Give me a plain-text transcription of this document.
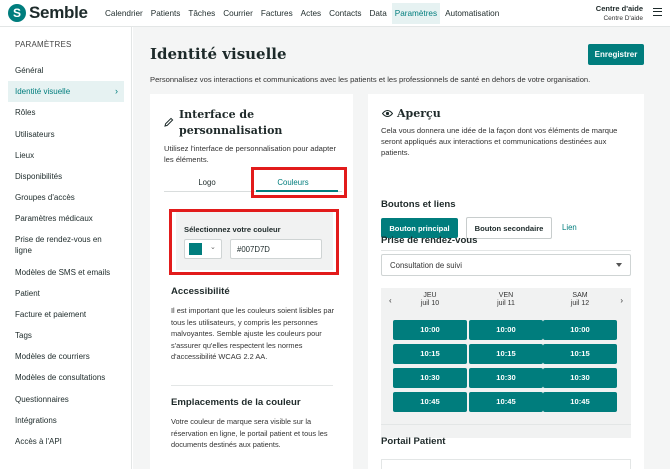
S Semble	Calendrier Patients Tâches Courrier Factures Actes Contacts Data Paramètres Automatisation
Centre d'aide
Centre D'aide
PARAMÈTRES
Général
Identité visuelle	›
Rôles
Utilisateurs
Lieux
Disponibilités
Groupes d'accès
Paramètres médicaux
Prise de rendez-vous en ligne
Modèles de SMS et emails
Patient
Facture et paiement
Tags
Modèles de courriers
Modèles de consultations
Questionnaires
Intégrations
Accès à l'API
Identité visuelle	Enregistrer
Personnalisez vos interactions et communications avec les patients et les professionnels de santé en dehors de votre organisation.
Interface de personnalisation
Utilisez l'interface de personnalisation pour adapter les éléments.
Logo	Couleurs
Sélectionnez votre couleur
⌄
#007D7D
Accessibilité
Il est important que les couleurs soient lisibles par tous les utilisateurs, y compris les personnes malvoyantes. Semble ajuste les couleurs pour s'assurer qu'elles respectent les normes d'accessibilité WCAG 2.2 AA.
Emplacements de la couleur
Votre couleur de marque sera visible sur la réservation en ligne, le portail patient et tous les documents destinés aux patients.
Aperçu
Cela vous donnera une idée de la façon dont vos éléments de marque seront appliqués aux interactions et communications destinées aux patients.
Boutons et liens
Bouton principal	Bouton secondaire	Lien
Prise de rendez-vous
Consultation de suivi
‹	›
JEU
juil 10
VEN
juil 11
SAM
juil 12
10:00	10:00	10:00
10:15	10:15	10:15
10:30	10:30	10:30
10:45	10:45	10:45
Portail Patient
